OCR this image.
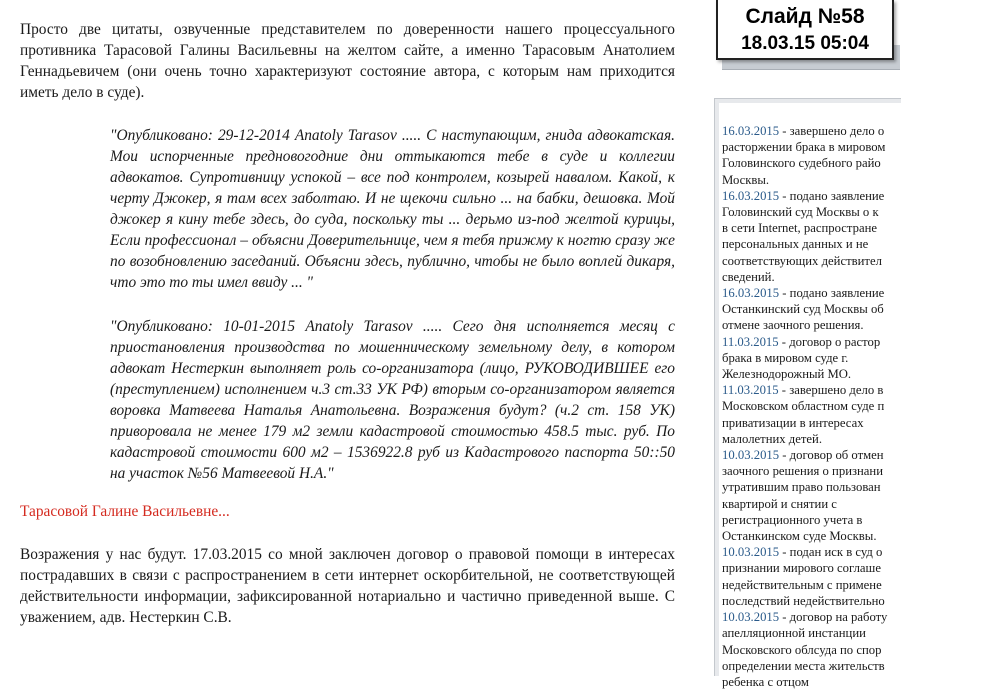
Просто две цитаты, озвученные представителем по доверенности нашего процессуального противника Тарасовой Галины Васильевны на желтом сайте, а именно Тарасовым Анатолием Геннадьевичем (они очень точно характеризуют состояние автора, с которым нам приходится иметь дело в суде).

"Опубликовано: 29-12-2014 Anatoly Tarasov ..... С наступающим, гнида адвокатская. Мои испорченные предновогодние дни оттыкаются тебе в суде и коллегии адвокатов. Супротивницу успокой – все под контролем, козырей навалом. Какой, к черту Джокер, я там всех заболтаю. И не щекочи сильно ... на бабки, дешовка. Мой джокер я кину тебе здесь, до суда, поскольку ты ... дерьмо из-под желтой курицы, Если профессионал – объясни Доверительнице, чем я тебя прижму к ногтю сразу же по возобновлению заседаний. Объясни здесь, публично, чтобы не было воплей дикаря, что это то ты имел ввиду ... "

"Опубликовано: 10-01-2015 Anatoly Tarasov ..... Сего дня исполняется месяц с приостановления производства по мошенническому земельному делу, в котором адвокат Нестеркин выполняет роль со-организатора (лицо, РУКОВОДИВШЕЕ его (преступлением) исполнением ч.3 ст.33 УК РФ) вторым со-организатором является воровка Матвеева Наталья Анатольевна. Возражения будут? (ч.2 ст. 158 УК) приворовала не менее 179 м2 земли кадастровой стоимостью 458.5 тыс. руб. По кадастровой стоимости 600 м2 – 1536922.8 руб из Кадастрового паспорта 50::50 на участок №56 Матвеевой Н.А."

Тарасовой Галине Васильевне...

Возражения у нас будут. 17.03.2015 со мной заключен договор о правовой помощи в интересах пострадавших в связи с распространением в сети интернет оскорбительной, не соответствующей действительности информации, зафиксированной нотариально и частично приведенной выше. С уважением, адв. Нестеркин С.В.

16.03.2015 - завершено дело о
расторжении брака в мировом
Головинского судебного райо
Москвы.
16.03.2015 - подано заявление
Головинский суд Москвы о к
в сети Internet, распростране
персональных данных и не
соответствующих действител
сведений.
16.03.2015 - подано заявление
Останкинский суд Москвы об
отмене заочного решения.
11.03.2015 - договор о растор
брака в мировом суде г.
Железнодорожный МО.
11.03.2015 - завершено дело в
Московском областном суде п
приватизации в интересах
малолетних детей.
10.03.2015 - договор об отмен
заочного решения о признани
утратившим право пользован
квартирой и снятии с
регистрационного учета в
Останкинском суде Москвы.
10.03.2015 - подан иск в суд о
признании мирового соглаше
недействительным с примене
последствий недействительно
10.03.2015 - договор на работу
апелляционной инстанции
Московского облсуда по спор
определении места жительств
ребенка с отцом
Слайд №58
18.03.15 05:04
